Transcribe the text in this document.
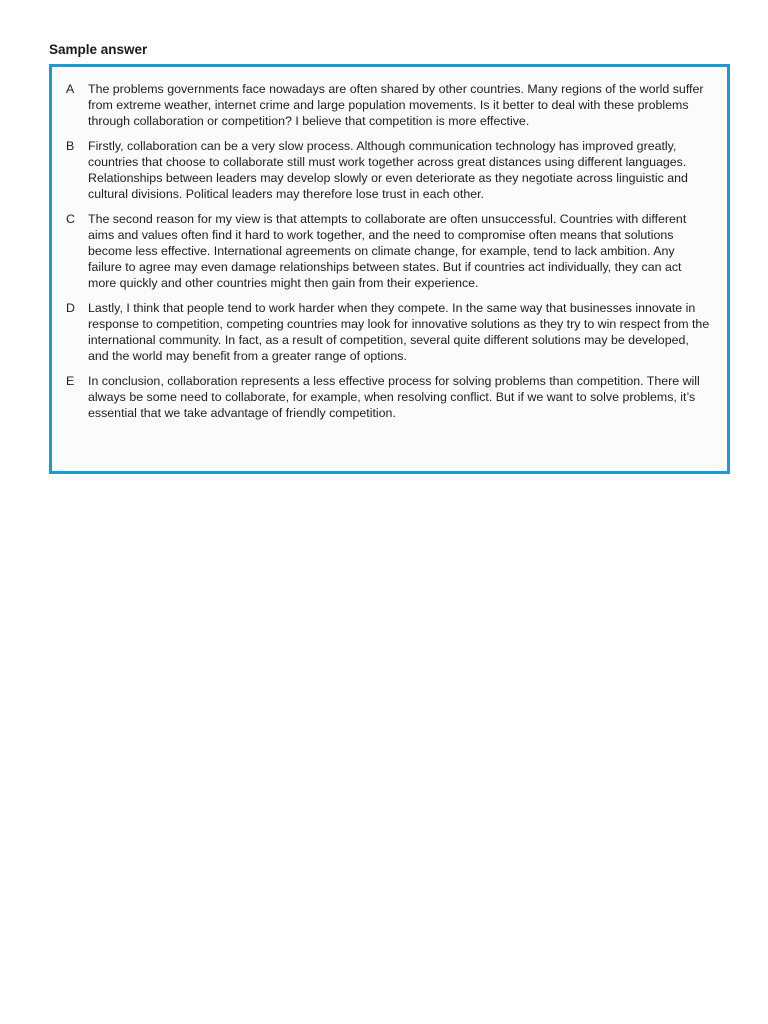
Sample answer
A	The problems governments face nowadays are often shared by other countries. Many regions of the world suffer from extreme weather, internet crime and large population movements. Is it better to deal with these problems through collaboration or competition? I believe that competition is more effective.

B	Firstly, collaboration can be a very slow process. Although communication technology has improved greatly, countries that choose to collaborate still must work together across great distances using different languages. Relationships between leaders may develop slowly or even deteriorate as they negotiate across linguistic and cultural divisions. Political leaders may therefore lose trust in each other.

C	The second reason for my view is that attempts to collaborate are often unsuccessful. Countries with different aims and values often find it hard to work together, and the need to compromise often means that solutions become less effective. International agreements on climate change, for example, tend to lack ambition. Any failure to agree may even damage relationships between states. But if countries act individually, they can act more quickly and other countries might then gain from their experience.

D	Lastly, I think that people tend to work harder when they compete. In the same way that businesses innovate in response to competition, competing countries may look for innovative solutions as they try to win respect from the international community. In fact, as a result of competition, several quite different solutions may be developed, and the world may benefit from a greater range of options.

E	In conclusion, collaboration represents a less effective process for solving problems than competition. There will always be some need to collaborate, for example, when resolving conflict. But if we want to solve problems, it’s essential that we take advantage of friendly competition.
